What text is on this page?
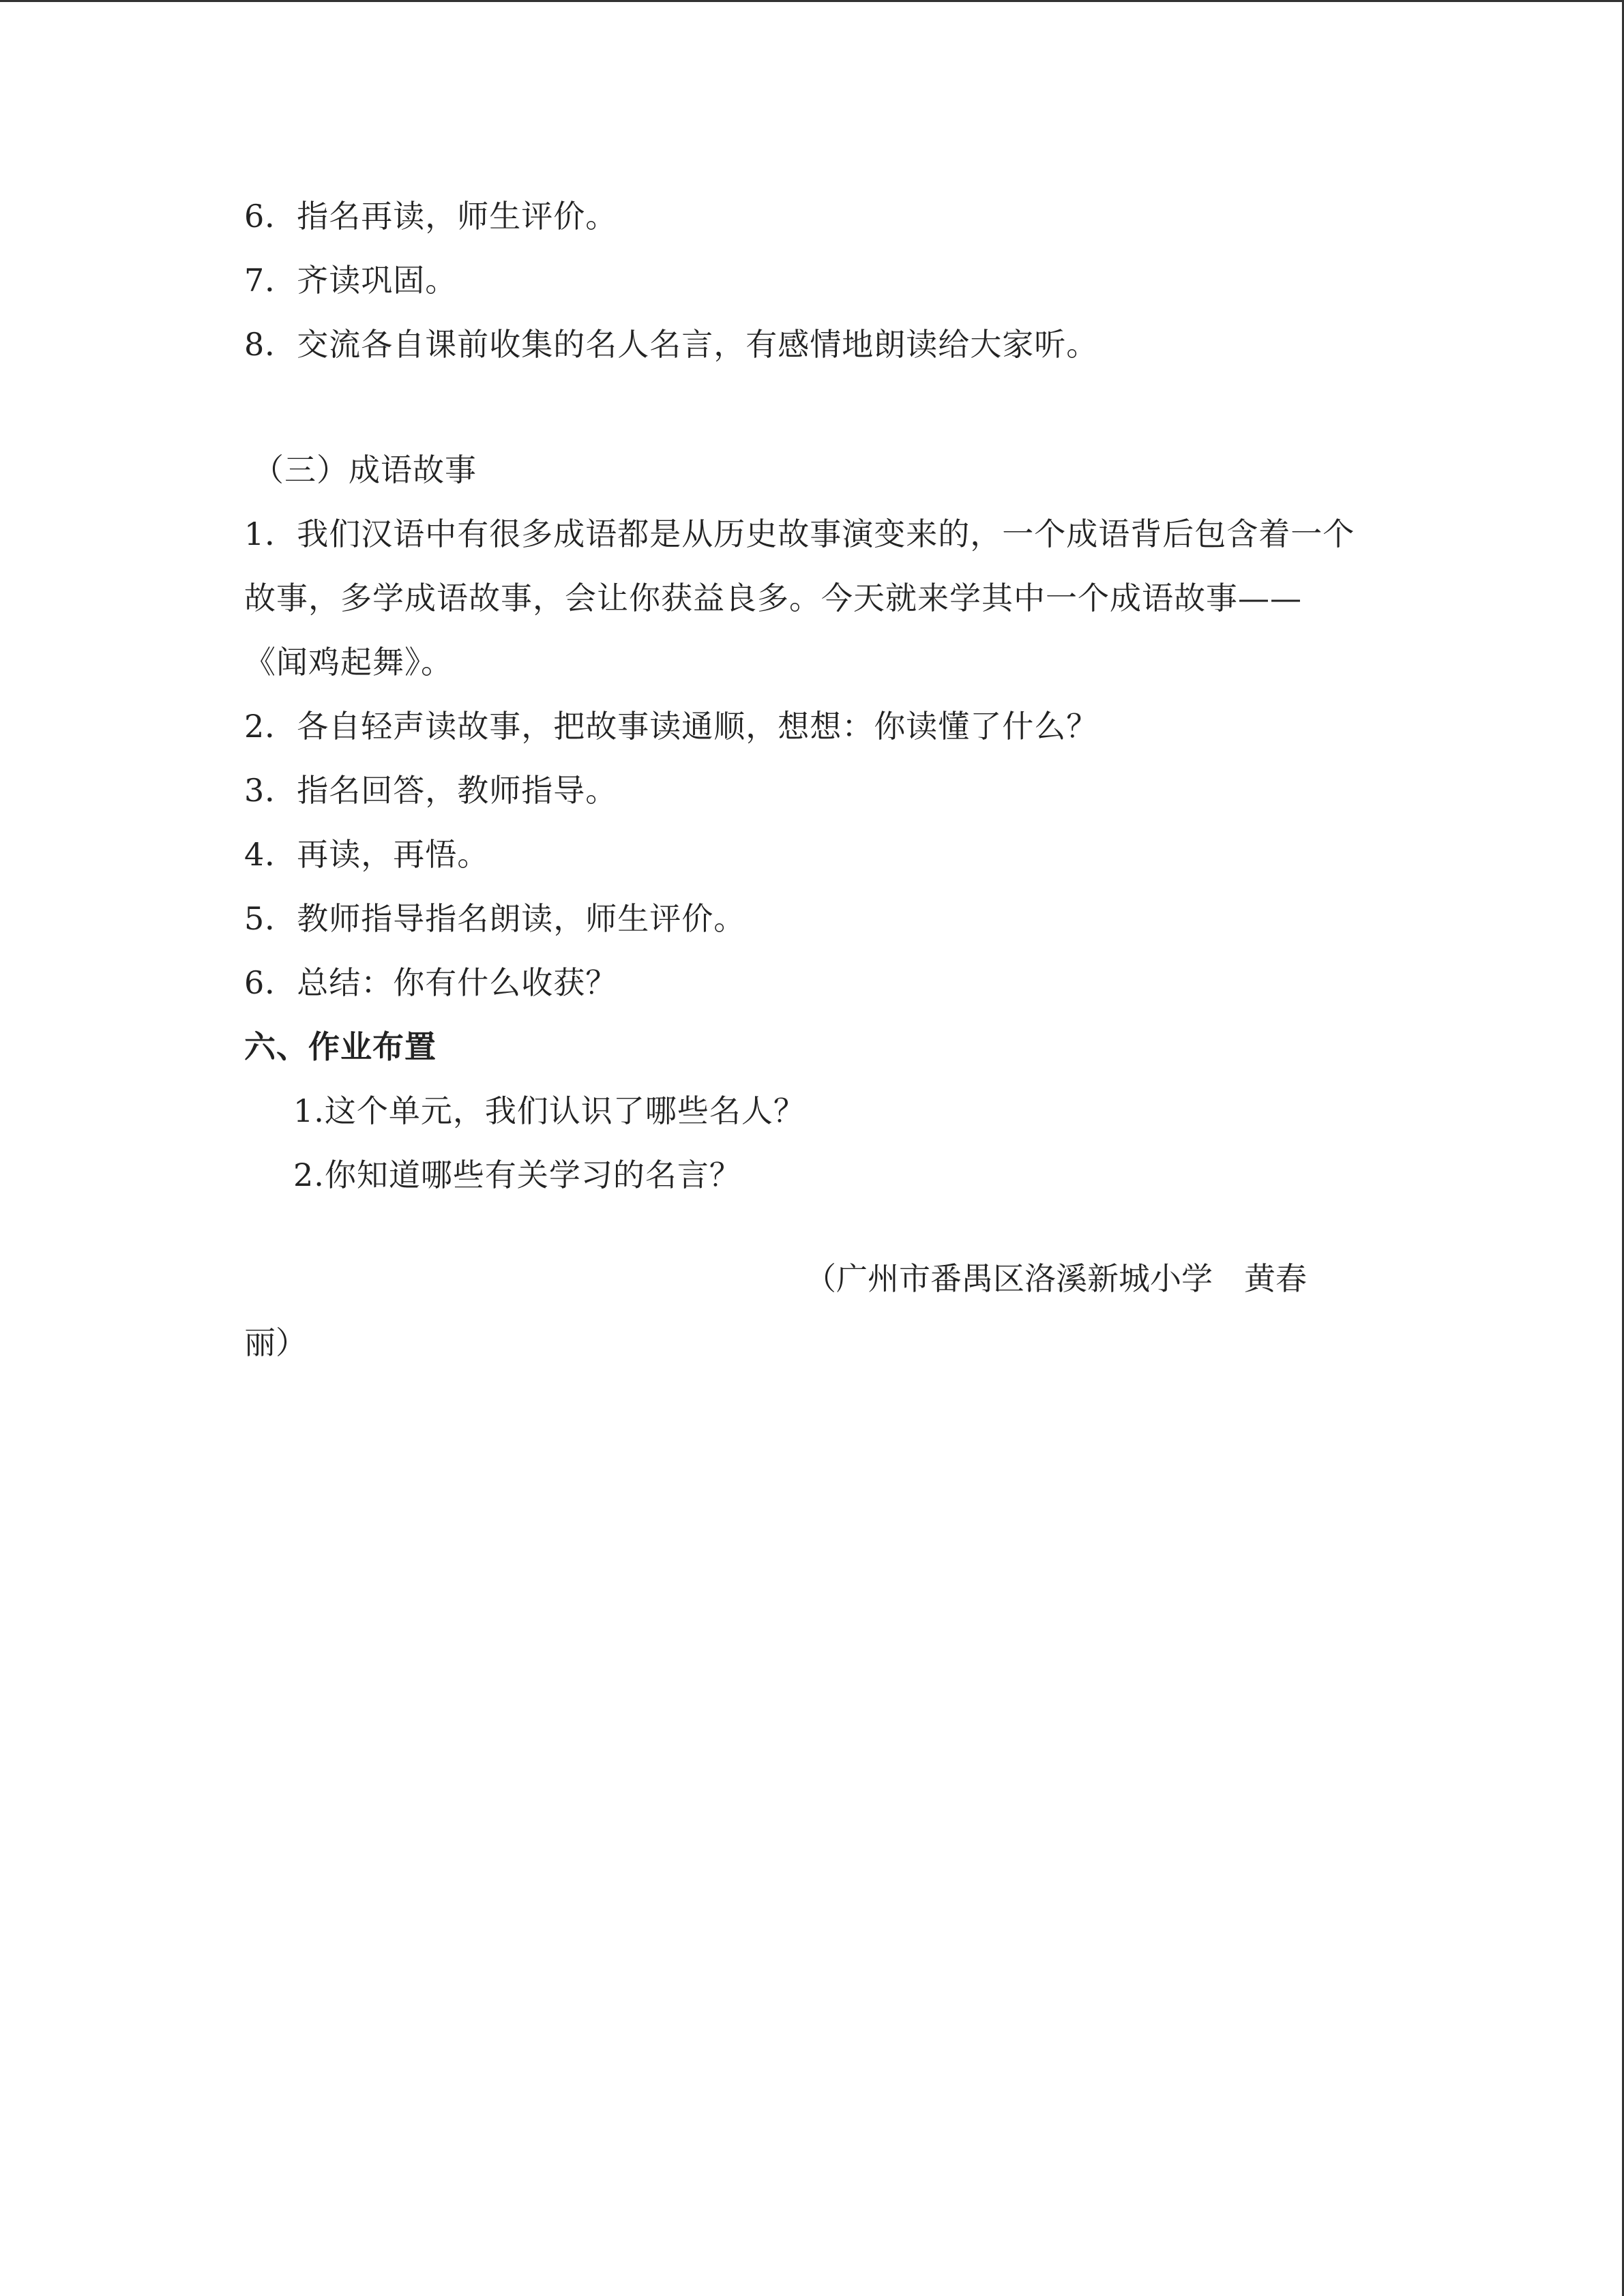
6．指名再读，师生评价。
7．齐读巩固。
8．交流各自课前收集的名人名言，有感情地朗读给大家听。
（三）成语故事
1．我们汉语中有很多成语都是从历史故事演变来的，一个成语背后包含着一个
故事，多学成语故事，会让你获益良多。今天就来学其中一个成语故事——
《闻鸡起舞》。
2．各自轻声读故事，把故事读通顺，想想：你读懂了什么？
3．指名回答，教师指导。
4．再读，再悟。
5．教师指导指名朗读，师生评价。
6．总结：你有什么收获？
六、作业布置
1.这个单元，我们认识了哪些名人？
2.你知道哪些有关学习的名言？
（广州市番禺区洛溪新城小学　黄春
丽）
